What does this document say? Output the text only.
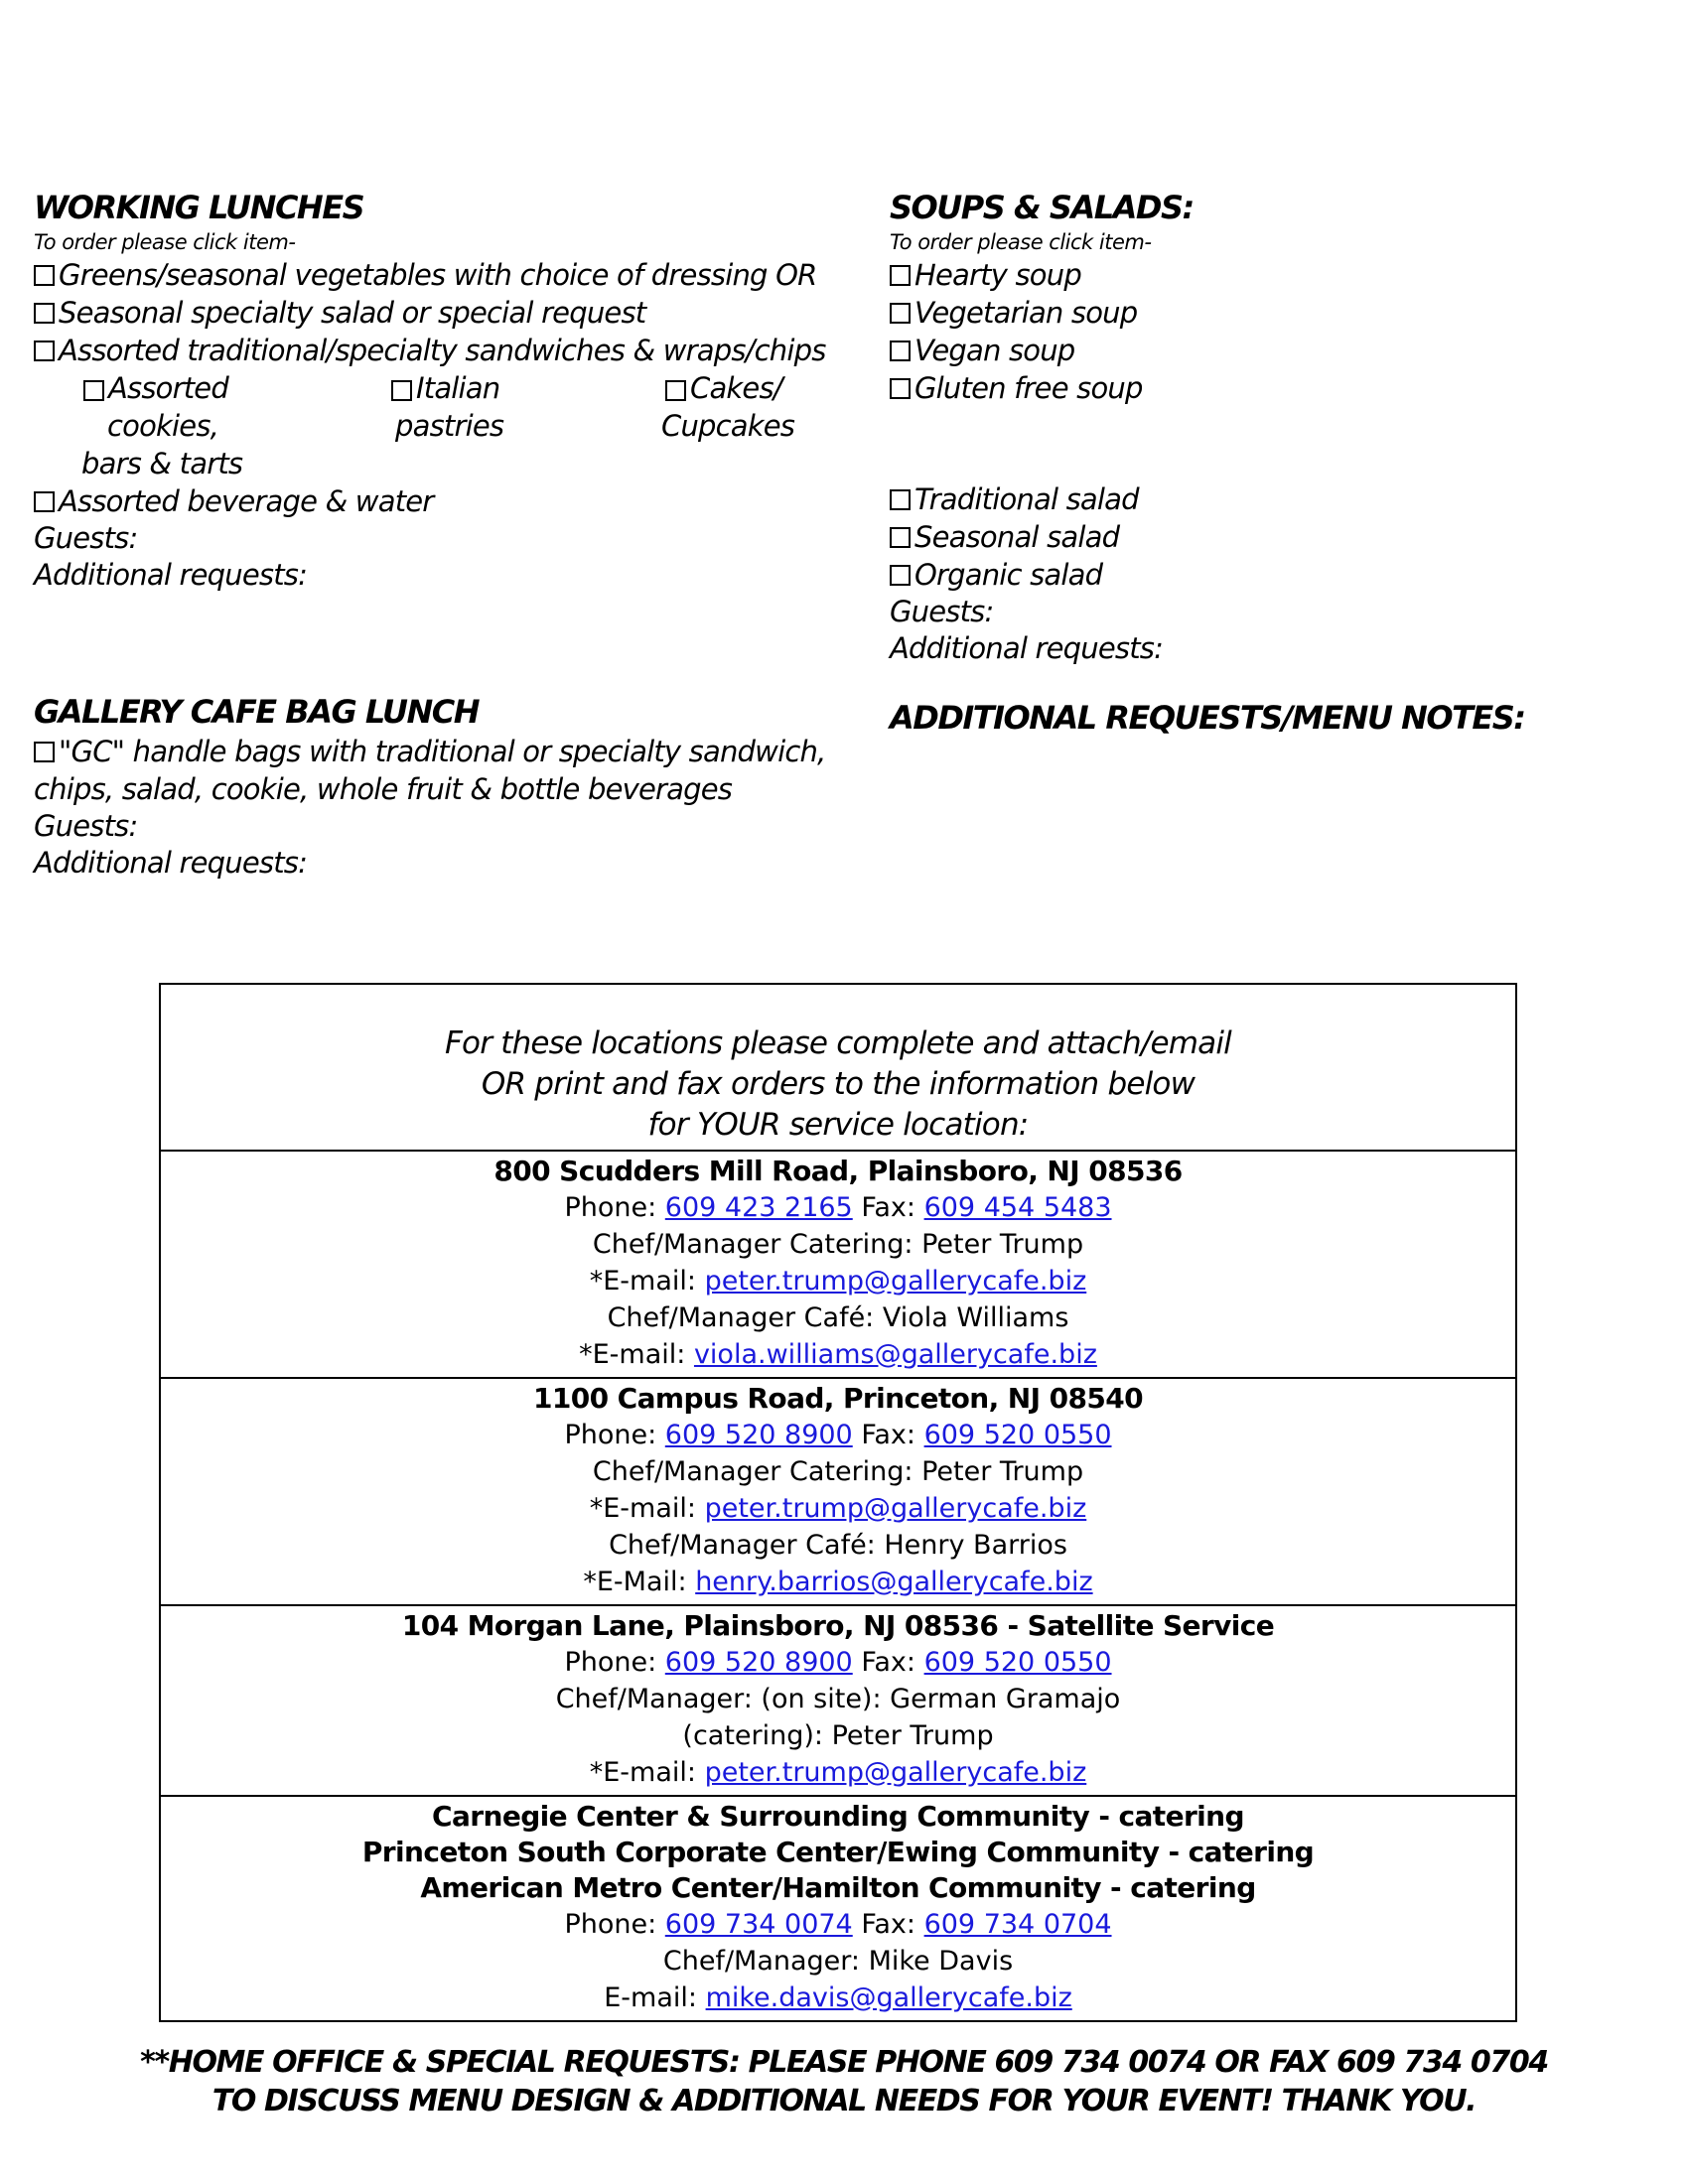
WORKING LUNCHES
To order please click item-
Greens/seasonal vegetables with choice of dressing OR
Seasonal specialty salad or special request
Assorted traditional/specialty sandwiches & wraps/chips
Assorted
cookies,
bars & tarts
Italian
pastries
Cakes/
Cupcakes
Assorted beverage & water
Guests:
Additional requests:
GALLERY CAFE BAG LUNCH
"GC" handle bags with traditional or specialty sandwich,
chips, salad, cookie, whole fruit & bottle beverages
Guests:
Additional requests:
SOUPS & SALADS:
To order please click item-
Hearty soup
Vegetarian soup
Vegan soup
Gluten free soup
Traditional salad
Seasonal salad
Organic salad
Guests:
Additional requests:
ADDITIONAL REQUESTS/MENU NOTES:
For these locations please complete and attach/email
OR print and fax orders to the information below
for YOUR service location:
800 Scudders Mill Road, Plainsboro, NJ 08536
Phone: 609 423 2165 Fax: 609 454 5483
Chef/Manager Catering: Peter Trump
*E-mail: peter.trump@gallerycafe.biz
Chef/Manager Café: Viola Williams
*E-mail: viola.williams@gallerycafe.biz
1100 Campus Road, Princeton, NJ 08540
Phone: 609 520 8900 Fax: 609 520 0550
Chef/Manager Catering: Peter Trump
*E-mail: peter.trump@gallerycafe.biz
Chef/Manager Café: Henry Barrios
*E-Mail: henry.barrios@gallerycafe.biz
104 Morgan Lane, Plainsboro, NJ 08536 - Satellite Service
Phone: 609 520 8900 Fax: 609 520 0550
Chef/Manager: (on site): German Gramajo
(catering): Peter Trump
*E-mail: peter.trump@gallerycafe.biz
Carnegie Center & Surrounding Community - catering
Princeton South Corporate Center/Ewing Community - catering
American Metro Center/Hamilton Community - catering
Phone: 609 734 0074 Fax: 609 734 0704
Chef/Manager: Mike Davis
E-mail: mike.davis@gallerycafe.biz
**HOME OFFICE & SPECIAL REQUESTS: PLEASE PHONE 609 734 0074 OR FAX 609 734 0704
TO DISCUSS MENU DESIGN & ADDITIONAL NEEDS FOR YOUR EVENT! THANK YOU.
